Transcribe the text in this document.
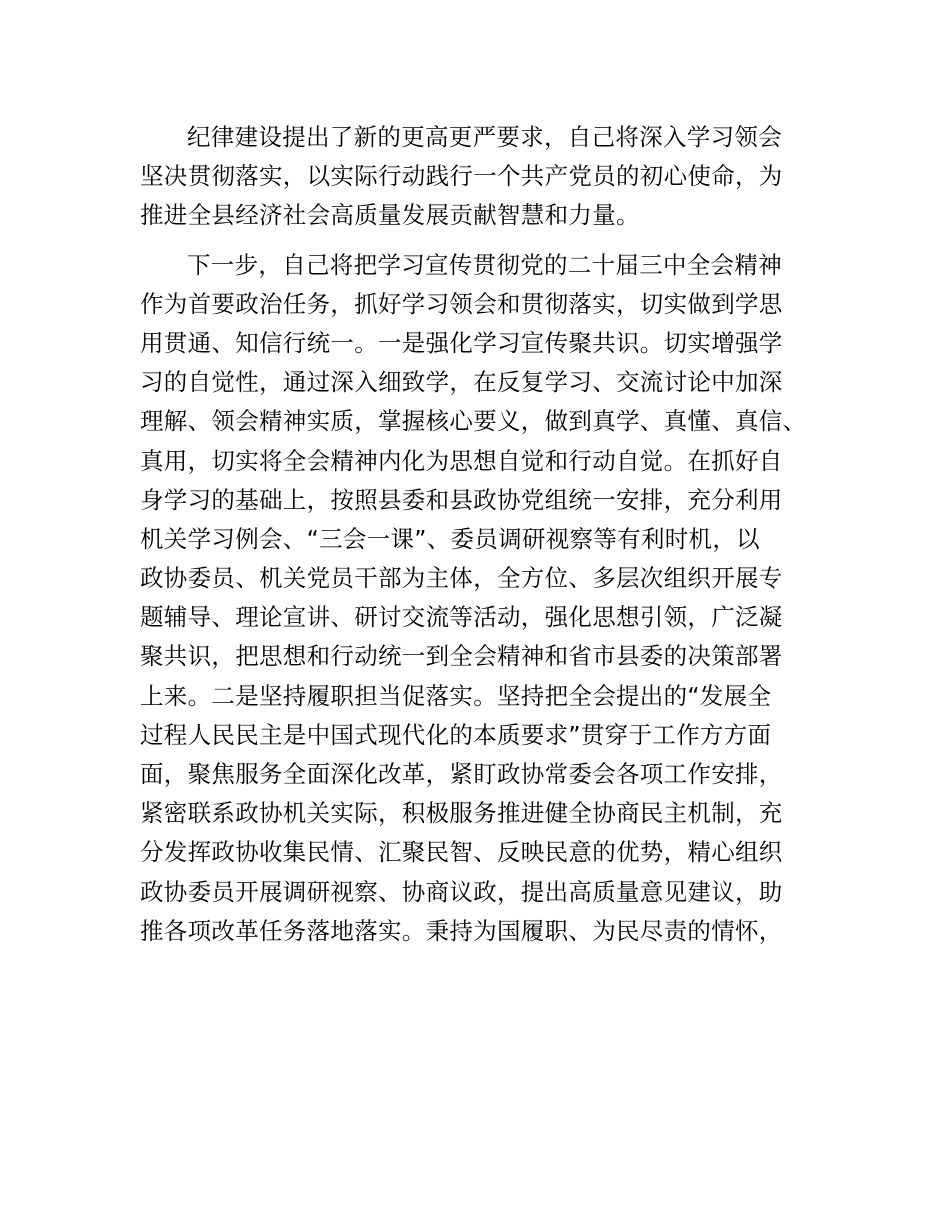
纪律建设提出了新的更高更严要求，自己将深入学习领会
坚决贯彻落实，以实际行动践行一个共产党员的初心使命，为
推进全县经济社会高质量发展贡献智慧和力量。
下一步，自己将把学习宣传贯彻党的二十届三中全会精神
作为首要政治任务，抓好学习领会和贯彻落实，切实做到学思
用贯通、知信行统一。一是强化学习宣传聚共识。切实增强学
习的自觉性，通过深入细致学，在反复学习、交流讨论中加深
理解、领会精神实质，掌握核心要义，做到真学、真懂、真信、
真用，切实将全会精神内化为思想自觉和行动自觉。在抓好自
身学习的基础上，按照县委和县政协党组统一安排，充分利用
机关学习例会、“三会一课”、委员调研视察等有利时机，以
政协委员、机关党员干部为主体，全方位、多层次组织开展专
题辅导、理论宣讲、研讨交流等活动，强化思想引领，广泛凝
聚共识，把思想和行动统一到全会精神和省市县委的决策部署
上来。二是坚持履职担当促落实。坚持把全会提出的“发展全
过程人民民主是中国式现代化的本质要求”贯穿于工作方方面
面，聚焦服务全面深化改革，紧盯政协常委会各项工作安排，
紧密联系政协机关实际，积极服务推进健全协商民主机制，充
分发挥政协收集民情、汇聚民智、反映民意的优势，精心组织
政协委员开展调研视察、协商议政，提出高质量意见建议，助
推各项改革任务落地落实。秉持为国履职、为民尽责的情怀，
